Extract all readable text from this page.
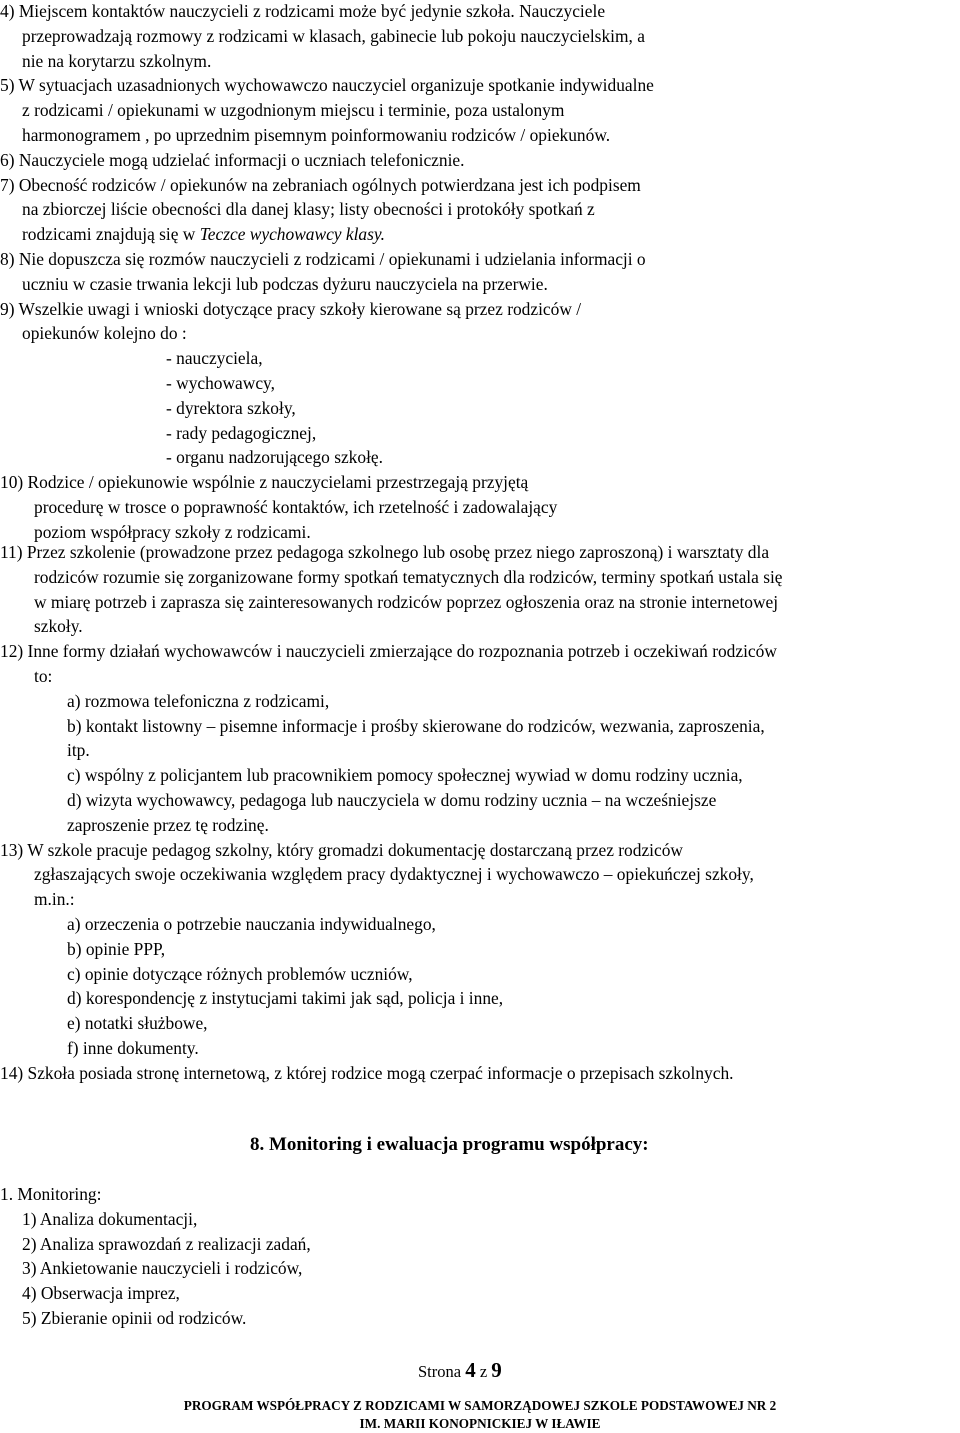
4) Miejscem kontaktów nauczycieli z rodzicami może być jedynie szkoła. Nauczyciele
przeprowadzają rozmowy z rodzicami w klasach, gabinecie lub pokoju nauczycielskim, a
nie na korytarzu szkolnym.
5) W sytuacjach uzasadnionych wychowawczo nauczyciel organizuje spotkanie indywidualne
z rodzicami / opiekunami w uzgodnionym miejscu i terminie, poza ustalonym
harmonogramem , po uprzednim pisemnym poinformowaniu rodziców / opiekunów.
6) Nauczyciele mogą udzielać informacji o uczniach telefonicznie.
7) Obecność rodziców / opiekunów na zebraniach ogólnych potwierdzana jest ich podpisem
na zbiorczej liście obecności dla danej klasy; listy obecności i protokóły spotkań z
rodzicami znajdują się w Teczce wychowawcy klasy.
8) Nie dopuszcza się rozmów nauczycieli z rodzicami / opiekunami i udzielania informacji o
uczniu w czasie trwania lekcji lub podczas dyżuru nauczyciela na przerwie.
9) Wszelkie uwagi i wnioski dotyczące pracy szkoły kierowane są przez rodziców /
opiekunów kolejno do :
- nauczyciela,
- wychowawcy,
- dyrektora szkoły,
- rady pedagogicznej,
- organu nadzorującego szkołę.
10) Rodzice / opiekunowie wspólnie z nauczycielami przestrzegają przyjętą
procedurę w trosce o poprawność kontaktów, ich rzetelność i zadowalający
poziom współpracy szkoły z rodzicami.
11) Przez szkolenie (prowadzone przez pedagoga szkolnego lub osobę przez niego zaproszoną) i warsztaty dla
rodziców rozumie się zorganizowane formy spotkań tematycznych dla rodziców, terminy spotkań ustala się
w miarę potrzeb i zaprasza się zainteresowanych rodziców poprzez ogłoszenia oraz na stronie internetowej
szkoły.
12) Inne formy działań wychowawców i nauczycieli zmierzające do rozpoznania potrzeb i oczekiwań rodziców
to:
a) rozmowa telefoniczna z rodzicami,
b) kontakt listowny – pisemne informacje i prośby skierowane do rodziców, wezwania, zaproszenia,
itp.
c) wspólny z policjantem lub pracownikiem pomocy społecznej wywiad w domu rodziny ucznia,
d) wizyta wychowawcy, pedagoga lub nauczyciela w domu rodziny ucznia – na wcześniejsze
zaproszenie przez tę rodzinę.
13) W szkole pracuje pedagog szkolny, który gromadzi dokumentację dostarczaną przez rodziców
zgłaszających swoje oczekiwania względem pracy dydaktycznej i wychowawczo – opiekuńczej szkoły,
m.in.:
a) orzeczenia o potrzebie nauczania indywidualnego,
b) opinie PPP,
c) opinie dotyczące różnych problemów uczniów,
d) korespondencję z instytucjami takimi jak sąd, policja i inne,
e) notatki służbowe,
f) inne dokumenty.
14) Szkoła posiada stronę internetową, z której rodzice mogą czerpać informacje o przepisach szkolnych.
8. Monitoring i ewaluacja programu współpracy:
1. Monitoring:
1) Analiza dokumentacji,
2) Analiza sprawozdań z realizacji zadań,
3) Ankietowanie nauczycieli i rodziców,
4) Obserwacja imprez,
5) Zbieranie opinii od rodziców.
Strona 4 z 9
PROGRAM WSPÓŁPRACY Z RODZICAMI W SAMORZĄDOWEJ SZKOLE PODSTAWOWEJ NR 2
IM. MARII KONOPNICKIEJ W IŁAWIE
